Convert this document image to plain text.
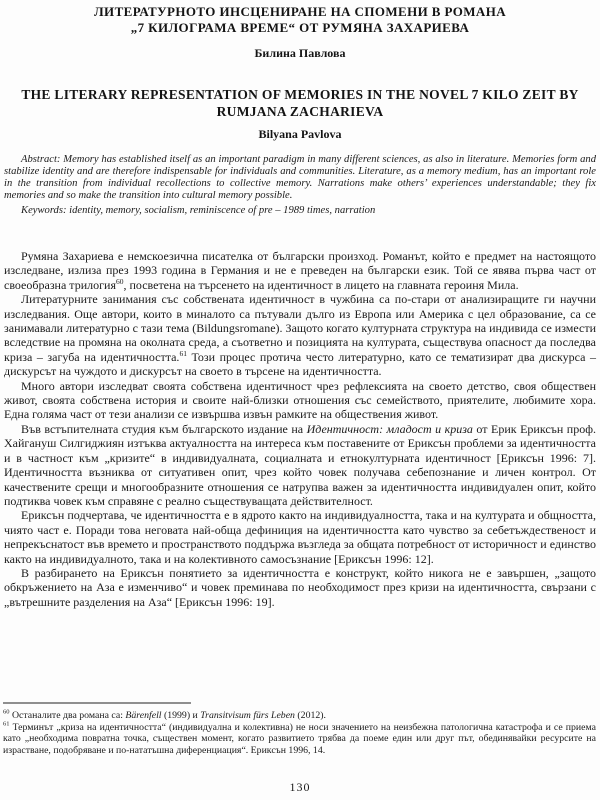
ЛИТЕРАТУРНОТО ИНСЦЕНИРАНЕ НА СПОМЕНИ В РОМАНА
„7 КИЛОГРАМА ВРЕМЕ“ ОТ РУМЯНА ЗАХАРИЕВА
Билина Павлова
THE LITERARY REPRESENTATION OF MEMORIES IN THE NOVEL 7 KILO ZEIT BY
RUMJANA ZACHARIEVA
Bilyana Pavlova

Abstract: Memory has established itself as an important paradigm in many different sciences, as also in literature. Memories form and stabilize identity and are therefore indispensable for individuals and communities. Literature, as a memory medium, has an important role in the transition from individual recollections to collective memory. Narrations make others’ experiences understandable; they fix memories and so make the transition into cultural memory possible.

Keywords: identity, memory, socialism, reminiscence of pre – 1989 times, narration

Румяна Захариева е немскоезична писателка от български произход. Романът, който е предмет на настоящото изследване, излиза през 1993 година в Германия и не е преведен на български език. Той се явява първа част от своеобразна трилогия$^{60}$, посветена на търсенето на идентичност в лицето на главната героиня Мила.

Литературните занимания със собствената идентичност в чужбина са по-стари от анализиращите ги научни изследвания. Още автори, които в миналото са пътували дълго из Европа или Америка с цел образование, са се занимавали литературно с тази тема (Bildungsromane). Защото когато културната структура на индивида се измести вследствие на промяна на околната среда, а съответно и позицията на културата, съществува опасност да последва криза – загуба на идентичността.$^{61}$ Този процес протича често литературно, като се тематизират два дискурса – дискурсът на чуждото и дискурсът на своето в търсене на идентичността.

Много автори изследват своята собствена идентичност чрез рефлексията на своето детство, своя обществен живот, своята собствена история и своите най-близки отношения със семейството, приятелите, любимите хора. Една голяма част от тези анализи се извършва извън рамките на обществения живот.

Във встъпителната студия към българското издание на Идентичност: младост и криза от Ерик Ериксън проф. Хайгануш Силгиджиян изтъква актуалността на интереса към поставените от Ериксън проблеми за идентичността и в частност към „кризите“ в индивидуалната, социалната и етнокултурната идентичност [Ериксън 1996: 7]. Идентичността възниква от ситуативен опит, чрез който човек получава себепознание и личен контрол. От качествените срещи и многообразните отношения се натрупва важен за идентичността индивидуален опит, който подтиква човек към справяне с реално съществуващата действителност.

Ериксън подчертава, че идентичността е в ядрото както на индивидуалността, така и на културата и общността, чиято част е. Поради това неговата най-обща дефиниция на идентичността като чувство за себетъждественост и непрекъснатост във времето и пространството поддържа възгледа за общата потребност от историчност и единство както на индивидуалното, така и на колективното самосъзнание [Ериксън 1996: 12].

В разбирането на Ериксън понятието за идентичността е конструкт, който никога не е завършен, „защото обкръжението на Аза е изменчиво“ и човек преминава по необходимост през кризи на идентичността, свързани с „вътрешните разделения на Аза“ [Ериксън 1996: 19].

$^{60}$ Останалите два романа са: Bärenfell (1999) и Transitvisum fürs Leben (2012).

$^{61}$ Терминът „криза на идентичността“ (индивидуална и колективна) не носи значението на неизбежна патологична катастрофа и се приема като „необходима повратна точка, съществен момент, когато развитието трябва да поеме един или друг път, обединявайки ресурсите на израстване, подобряване и по-нататъшна диференциация“. Ериксън 1996, 14.

130
